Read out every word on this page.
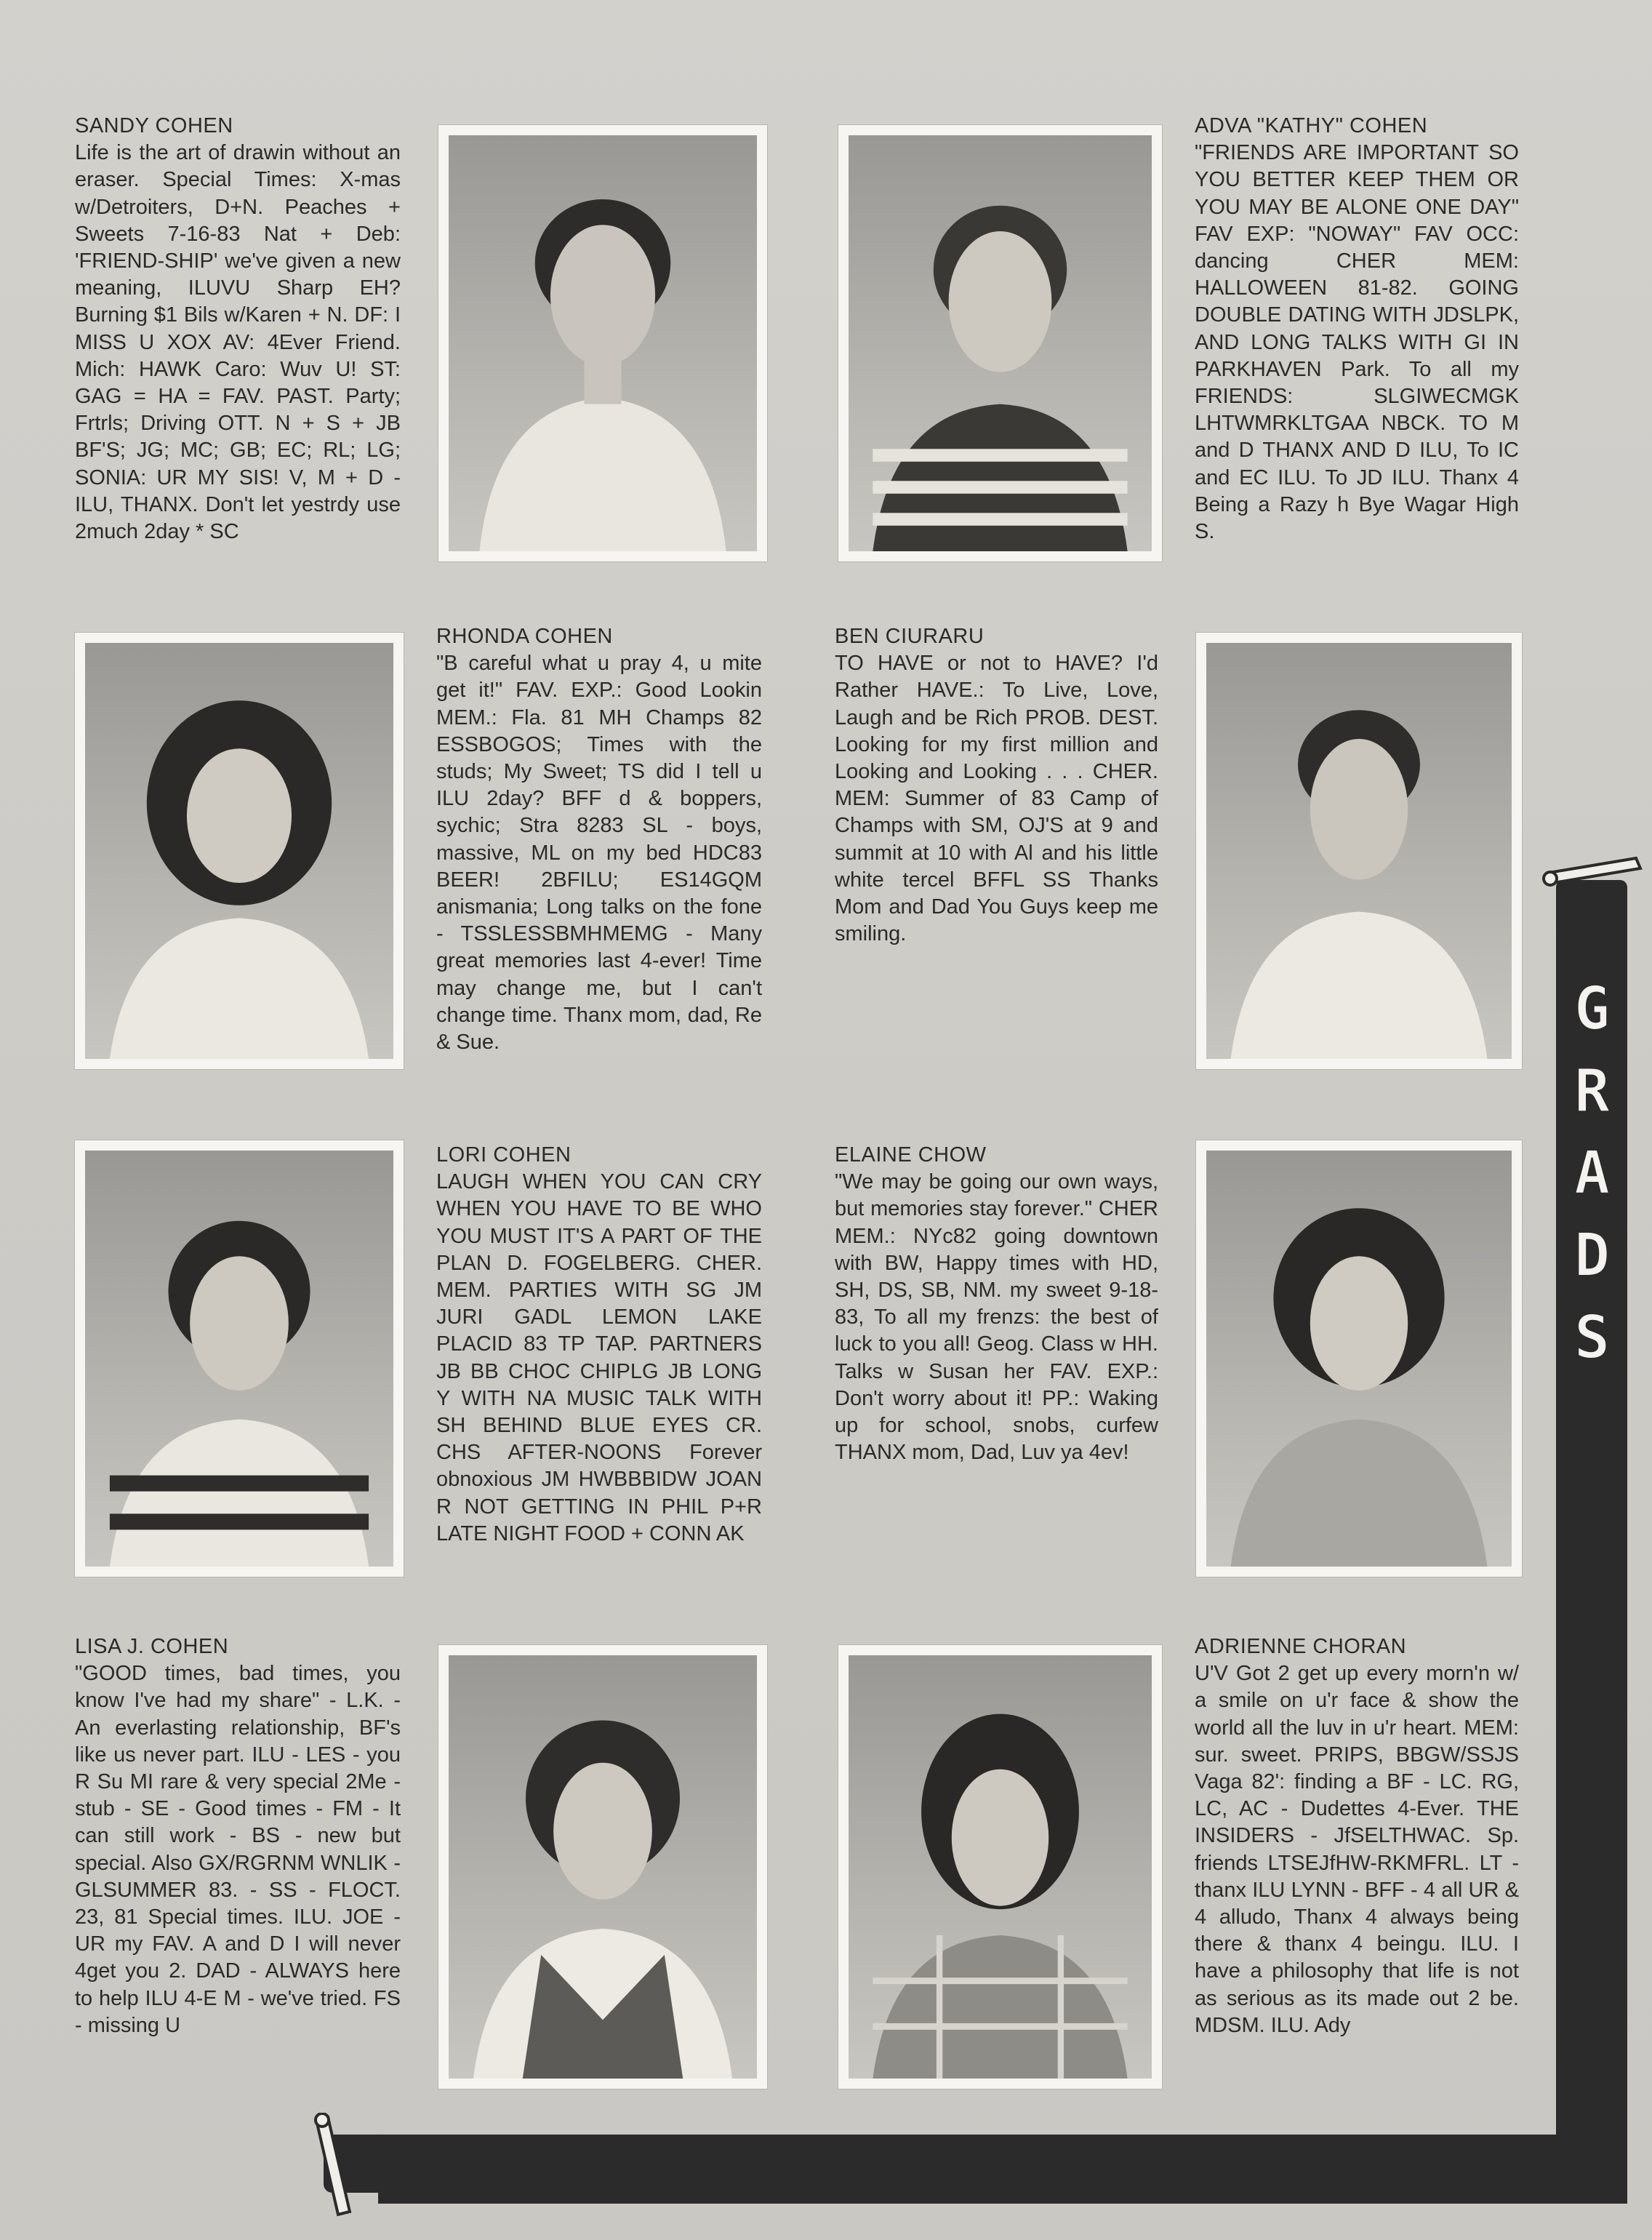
SANDY COHEN
Life is the art of drawin without an eraser. Special Times: X-mas w/Detroiters, D+N. Peaches + Sweets 7-16-83 Nat + Deb: 'FRIEND-SHIP' we've given a new meaning, ILUVU Sharp EH? Burning $1 Bils w/Karen + N. DF: I MISS U XOX AV: 4Ever Friend. Mich: HAWK Caro: Wuv U! ST: GAG = HA = FAV. PAST. Party; Frtrls; Driving OTT. N + S + JB BF'S; JG; MC; GB; EC; RL; LG; SONIA: UR MY SIS! V, M + D - ILU, THANX. Don't let yestrdy use 2much 2day * SC
ADVA "KATHY" COHEN
"FRIENDS ARE IMPORTANT SO YOU BETTER KEEP THEM OR YOU MAY BE ALONE ONE DAY" FAV EXP: "NOWAY" FAV OCC: dancing CHER MEM: HALLOWEEN 81-82. GOING DOUBLE DATING WITH JDSLPK, AND LONG TALKS WITH GI IN PARKHAVEN Park. To all my FRIENDS: SLGIWECMGK LHTWMRKLTGAA NBCK. TO M and D THANX AND D ILU, To IC and EC ILU. To JD ILU. Thanx 4 Being a Razy h Bye Wagar High S.
RHONDA COHEN
"B careful what u pray 4, u mite get it!" FAV. EXP.: Good Lookin MEM.: Fla. 81 MH Champs 82 ESSBOGOS; Times with the studs; My Sweet; TS did I tell u ILU 2day? BFF d & boppers, sychic; Stra 8283 SL - boys, massive, ML on my bed HDC83 BEER! 2BFILU; ES14GQM anismania; Long talks on the fone - TSSLESSBMHMEMG - Many great memories last 4-ever! Time may change me, but I can't change time. Thanx mom, dad, Re & Sue.
BEN CIURARU
TO HAVE or not to HAVE? I'd Rather HAVE.: To Live, Love, Laugh and be Rich PROB. DEST. Looking for my first million and Looking and Looking . . . CHER. MEM: Summer of 83 Camp of Champs with SM, OJ'S at 9 and summit at 10 with Al and his little white tercel BFFL SS Thanks Mom and Dad You Guys keep me smiling.
LORI COHEN
LAUGH WHEN YOU CAN CRY WHEN YOU HAVE TO BE WHO YOU MUST IT'S A PART OF THE PLAN D. FOGELBERG. CHER. MEM. PARTIES WITH SG JM JURI GADL LEMON LAKE PLACID 83 TP TAP. PARTNERS JB BB CHOC CHIPLG JB LONG Y WITH NA MUSIC TALK WITH SH BEHIND BLUE EYES CR. CHS AFTER-NOONS Forever obnoxious JM HWBBBIDW JOAN R NOT GETTING IN PHIL P+R LATE NIGHT FOOD + CONN AK
ELAINE CHOW
"We may be going our own ways, but memories stay forever." CHER MEM.: NYc82 going downtown with BW, Happy times with HD, SH, DS, SB, NM. my sweet 9-18-83, To all my frenzs: the best of luck to you all! Geog. Class w HH. Talks w Susan her FAV. EXP.: Don't worry about it! PP.: Waking up for school, snobs, curfew THANX mom, Dad, Luv ya 4ev!
LISA J. COHEN
"GOOD times, bad times, you know I've had my share" - L.K. - An everlasting relationship, BF's like us never part. ILU - LES - you R Su MI rare & very special 2Me - stub - SE - Good times - FM - It can still work - BS - new but special. Also GX/RGRNM WNLIK - GLSUMMER 83. - SS - FLOCT. 23, 81 Special times. ILU. JOE - UR my FAV. A and D I will never 4get you 2. DAD - ALWAYS here to help ILU 4-E M - we've tried. FS - missing U
ADRIENNE CHORAN
U'V Got 2 get up every morn'n w/ a smile on u'r face & show the world all the luv in u'r heart. MEM: sur. sweet. PRIPS, BBGW/SSJS Vaga 82': finding a BF - LC. RG, LC, AC - Dudettes 4-Ever. THE INSIDERS - JfSELTHWAC. Sp. friends LTSEJfHW-RKMFRL. LT - thanx ILU LYNN - BFF - 4 all UR & 4 alludo, Thanx 4 always being there & thanx 4 beingu. ILU. I have a philosophy that life is not as serious as its made out 2 be. MDSM. ILU. Ady
GRADS
